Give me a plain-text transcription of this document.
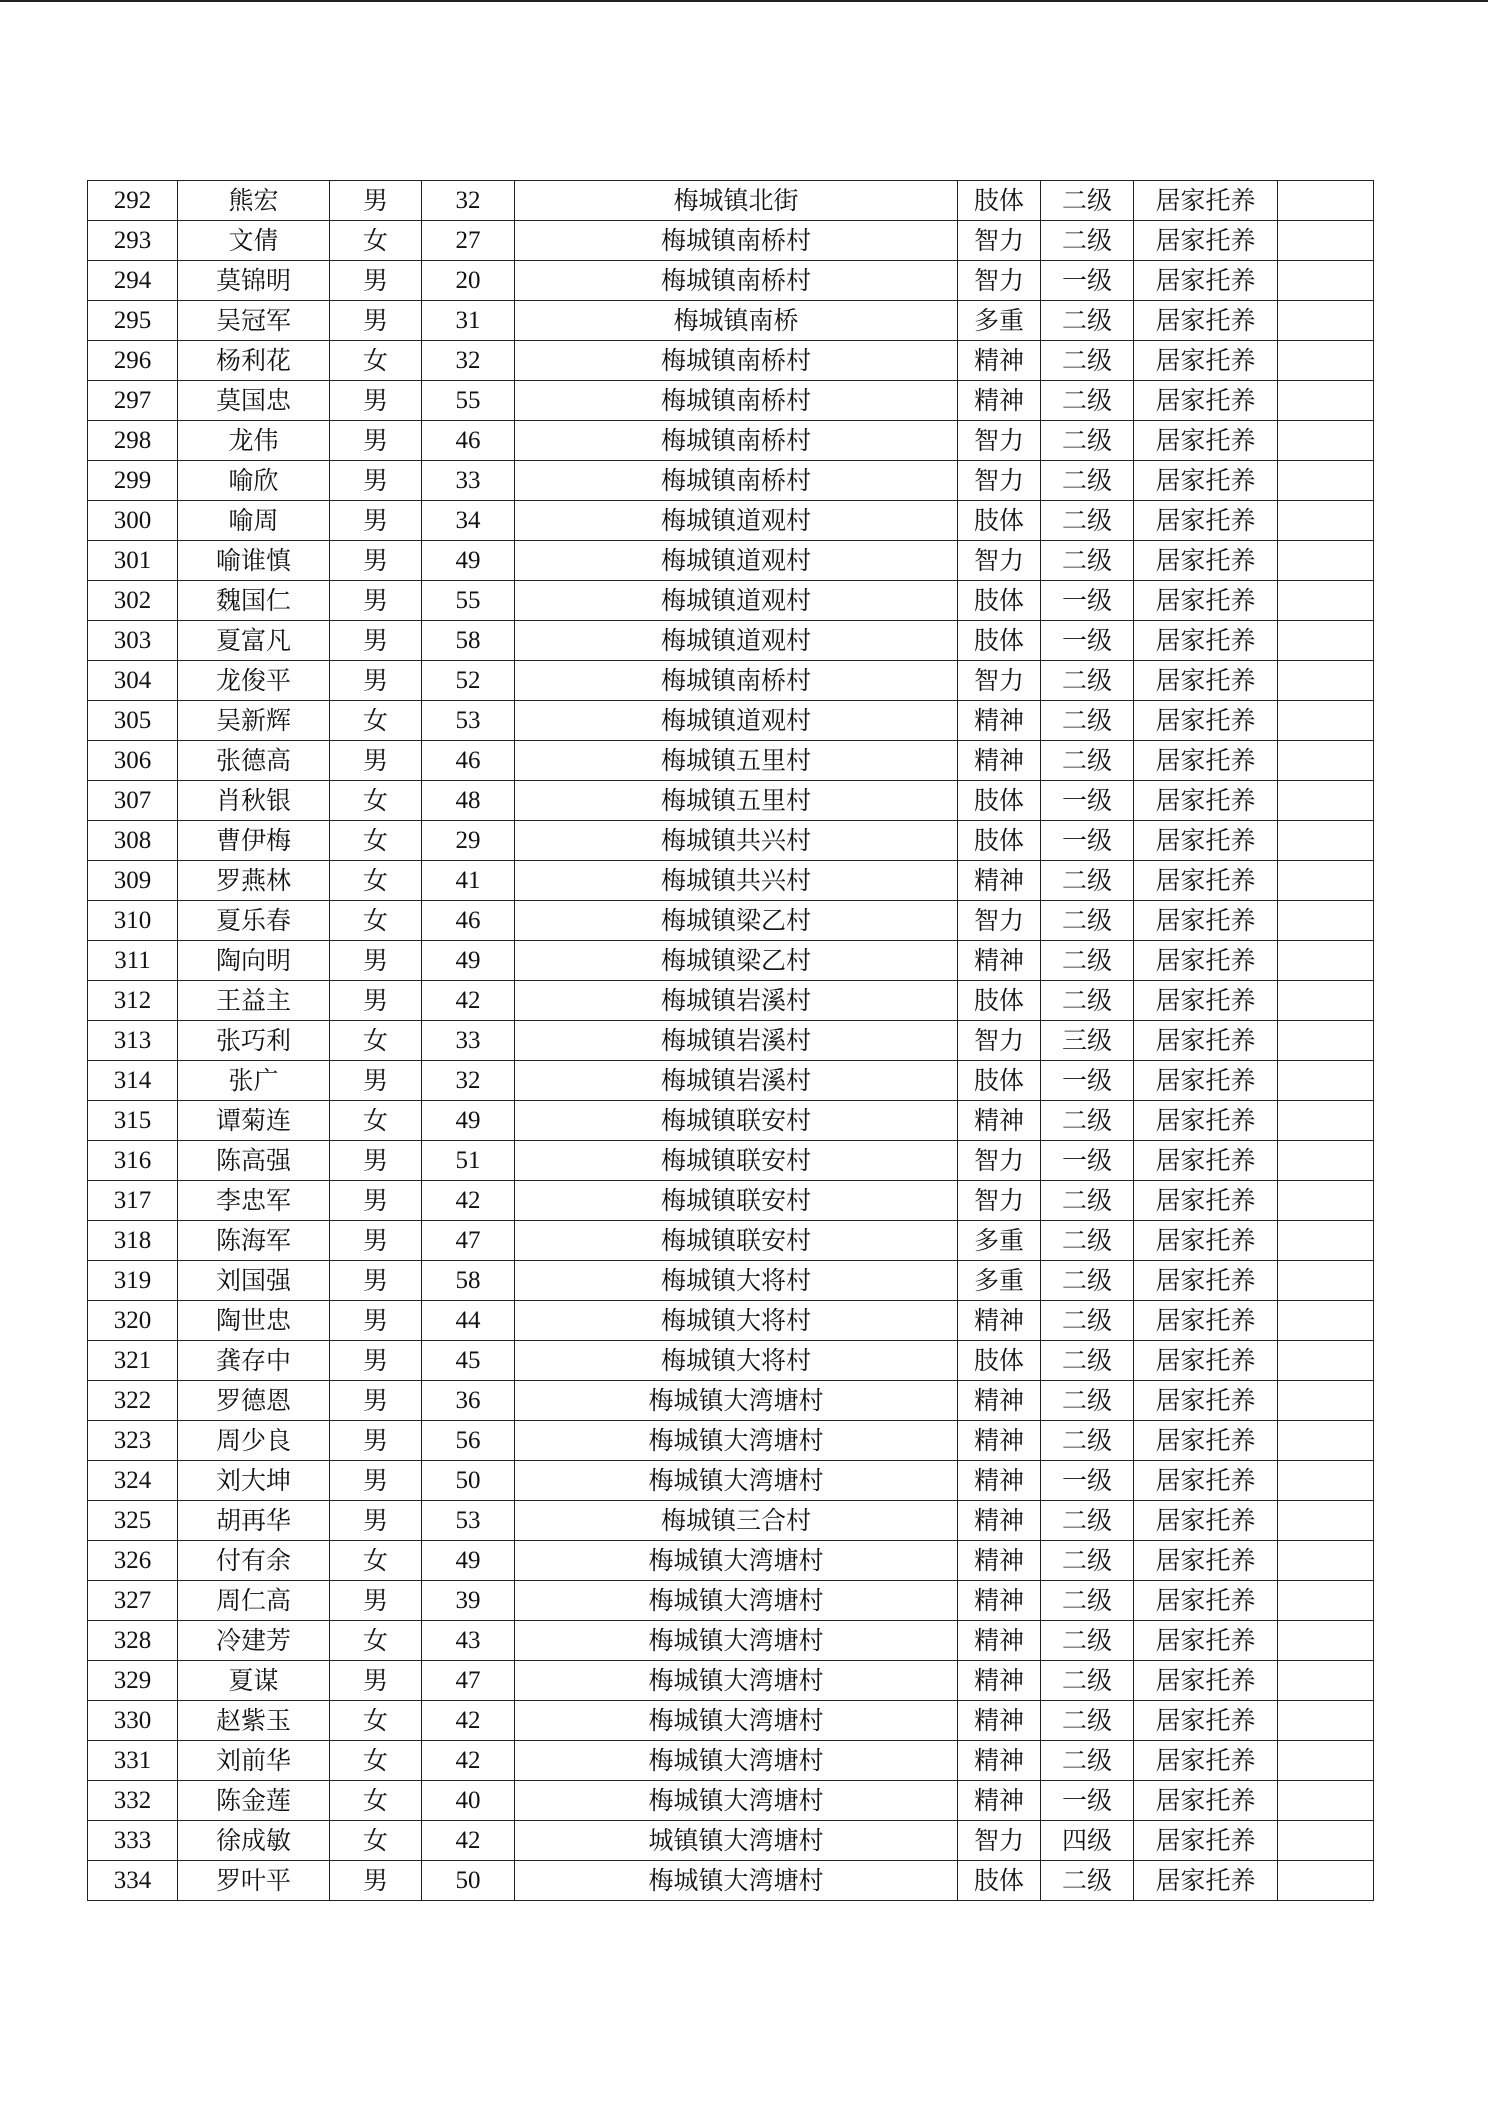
292	熊宏	男	32	梅城镇北街	肢体	二级	居家托养	
293	文倩	女	27	梅城镇南桥村	智力	二级	居家托养	
294	莫锦明	男	20	梅城镇南桥村	智力	一级	居家托养	
295	吴冠军	男	31	梅城镇南桥	多重	二级	居家托养	
296	杨利花	女	32	梅城镇南桥村	精神	二级	居家托养	
297	莫国忠	男	55	梅城镇南桥村	精神	二级	居家托养	
298	龙伟	男	46	梅城镇南桥村	智力	二级	居家托养	
299	喻欣	男	33	梅城镇南桥村	智力	二级	居家托养	
300	喻周	男	34	梅城镇道观村	肢体	二级	居家托养	
301	喻谁慎	男	49	梅城镇道观村	智力	二级	居家托养	
302	魏国仁	男	55	梅城镇道观村	肢体	一级	居家托养	
303	夏富凡	男	58	梅城镇道观村	肢体	一级	居家托养	
304	龙俊平	男	52	梅城镇南桥村	智力	二级	居家托养	
305	吴新辉	女	53	梅城镇道观村	精神	二级	居家托养	
306	张德高	男	46	梅城镇五里村	精神	二级	居家托养	
307	肖秋银	女	48	梅城镇五里村	肢体	一级	居家托养	
308	曹伊梅	女	29	梅城镇共兴村	肢体	一级	居家托养	
309	罗燕林	女	41	梅城镇共兴村	精神	二级	居家托养	
310	夏乐春	女	46	梅城镇梁乙村	智力	二级	居家托养	
311	陶向明	男	49	梅城镇梁乙村	精神	二级	居家托养	
312	王益主	男	42	梅城镇岩溪村	肢体	二级	居家托养	
313	张巧利	女	33	梅城镇岩溪村	智力	三级	居家托养	
314	张广	男	32	梅城镇岩溪村	肢体	一级	居家托养	
315	谭菊连	女	49	梅城镇联安村	精神	二级	居家托养	
316	陈高强	男	51	梅城镇联安村	智力	一级	居家托养	
317	李忠军	男	42	梅城镇联安村	智力	二级	居家托养	
318	陈海军	男	47	梅城镇联安村	多重	二级	居家托养	
319	刘国强	男	58	梅城镇大将村	多重	二级	居家托养	
320	陶世忠	男	44	梅城镇大将村	精神	二级	居家托养	
321	龚存中	男	45	梅城镇大将村	肢体	二级	居家托养	
322	罗德恩	男	36	梅城镇大湾塘村	精神	二级	居家托养	
323	周少良	男	56	梅城镇大湾塘村	精神	二级	居家托养	
324	刘大坤	男	50	梅城镇大湾塘村	精神	一级	居家托养	
325	胡再华	男	53	梅城镇三合村	精神	二级	居家托养	
326	付有余	女	49	梅城镇大湾塘村	精神	二级	居家托养	
327	周仁高	男	39	梅城镇大湾塘村	精神	二级	居家托养	
328	冷建芳	女	43	梅城镇大湾塘村	精神	二级	居家托养	
329	夏谋	男	47	梅城镇大湾塘村	精神	二级	居家托养	
330	赵紫玉	女	42	梅城镇大湾塘村	精神	二级	居家托养	
331	刘前华	女	42	梅城镇大湾塘村	精神	二级	居家托养	
332	陈金莲	女	40	梅城镇大湾塘村	精神	一级	居家托养	
333	徐成敏	女	42	城镇镇大湾塘村	智力	四级	居家托养	
334	罗叶平	男	50	梅城镇大湾塘村	肢体	二级	居家托养	
